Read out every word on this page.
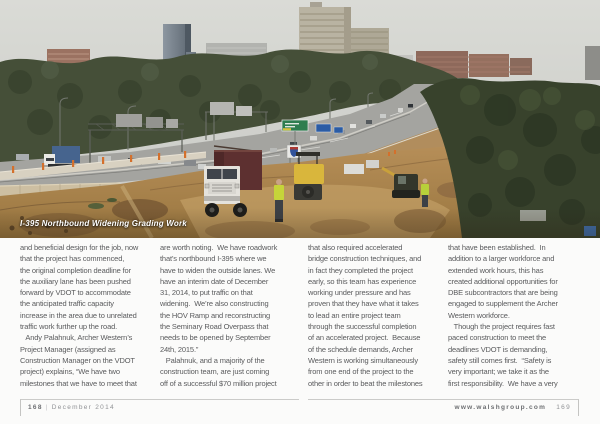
I-395 Northbound Widening Grading Work
and beneficial design for the job, now
that the project has commenced,
the original completion deadline for
the auxiliary lane has been pushed
forward by VDOT to accommodate
the anticipated traffic capacity
increase in the area due to unrelated
traffic work further up the road.
Andy Palahnuk, Archer Western’s
Project Manager (assigned as
Construction Manager on the VDOT
project) explains, “We have two
milestones that we have to meet that
are worth noting.  We have roadwork
that’s northbound I-395 where we
have to widen the outside lanes. We
have an interim date of December
31, 2014, to put traffic on that
widening.  We’re also constructing
the HOV Ramp and reconstructing
the Seminary Road Overpass that
needs to be opened by September
24th, 2015.”
Palahnuk, and a majority of the
construction team, are just coming
off of a successful $70 million project
that also required accelerated
bridge construction techniques, and
in fact they completed the project
early, so this team has experience
working under pressure and has
proven that they have what it takes
to lead an entire project team
through the successful completion
of an accelerated project.  Because
of the schedule demands, Archer
Western is working simultaneously
from one end of the project to the
other in order to beat the milestones
that have been established.  In
addition to a larger workforce and
extended work hours, this has
created additional opportunities for
DBE subcontractors that are being
engaged to supplement the Archer
Western workforce.
Though the project requires fast
paced construction to meet the
deadlines VDOT is demanding,
safety still comes first.  “Safety is
very important; we take it as the
first responsibility.  We have a very
168 | December 2014	www.walshgroup.com 169
